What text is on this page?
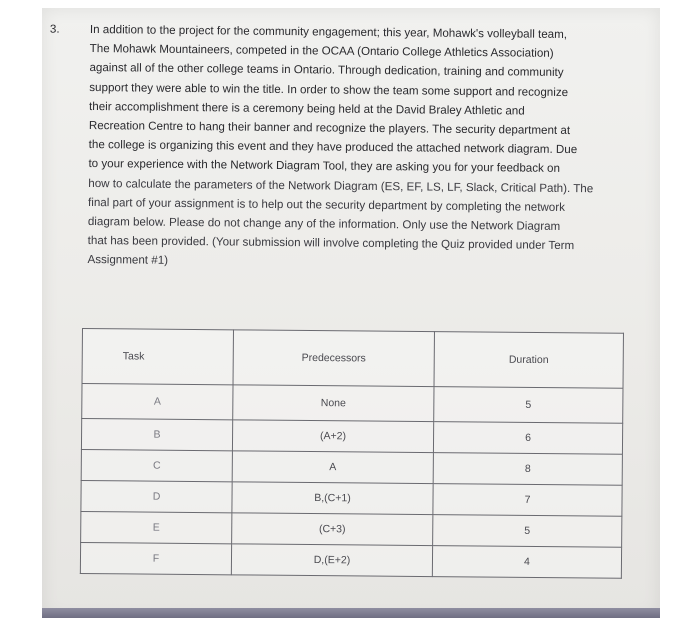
3.	In addition to the project for the community engagement; this year, Mohawk's volleyball team,
The Mohawk Mountaineers, competed in the OCAA (Ontario College Athletics Association)
against all of the other college teams in Ontario. Through dedication, training and community
support they were able to win the title. In order to show the team some support and recognize
their accomplishment there is a ceremony being held at the David Braley Athletic and
Recreation Centre to hang their banner and recognize the players. The security department at
the college is organizing this event and they have produced the attached network diagram. Due
to your experience with the Network Diagram Tool, they are asking you for your feedback on
how to calculate the parameters of the Network Diagram (ES, EF, LS, LF, Slack, Critical Path). The
final part of your assignment is to help out the security department by completing the network
diagram below. Please do not change any of the information. Only use the Network Diagram
that has been provided. (Your submission will involve completing the Quiz provided under Term
Assignment #1)
Task	Predecessors	Duration
A	None	5
B	(A+2)	6
C	A	8
D	B,(C+1)	7
E	(C+3)	5
F	D,(E+2)	4
